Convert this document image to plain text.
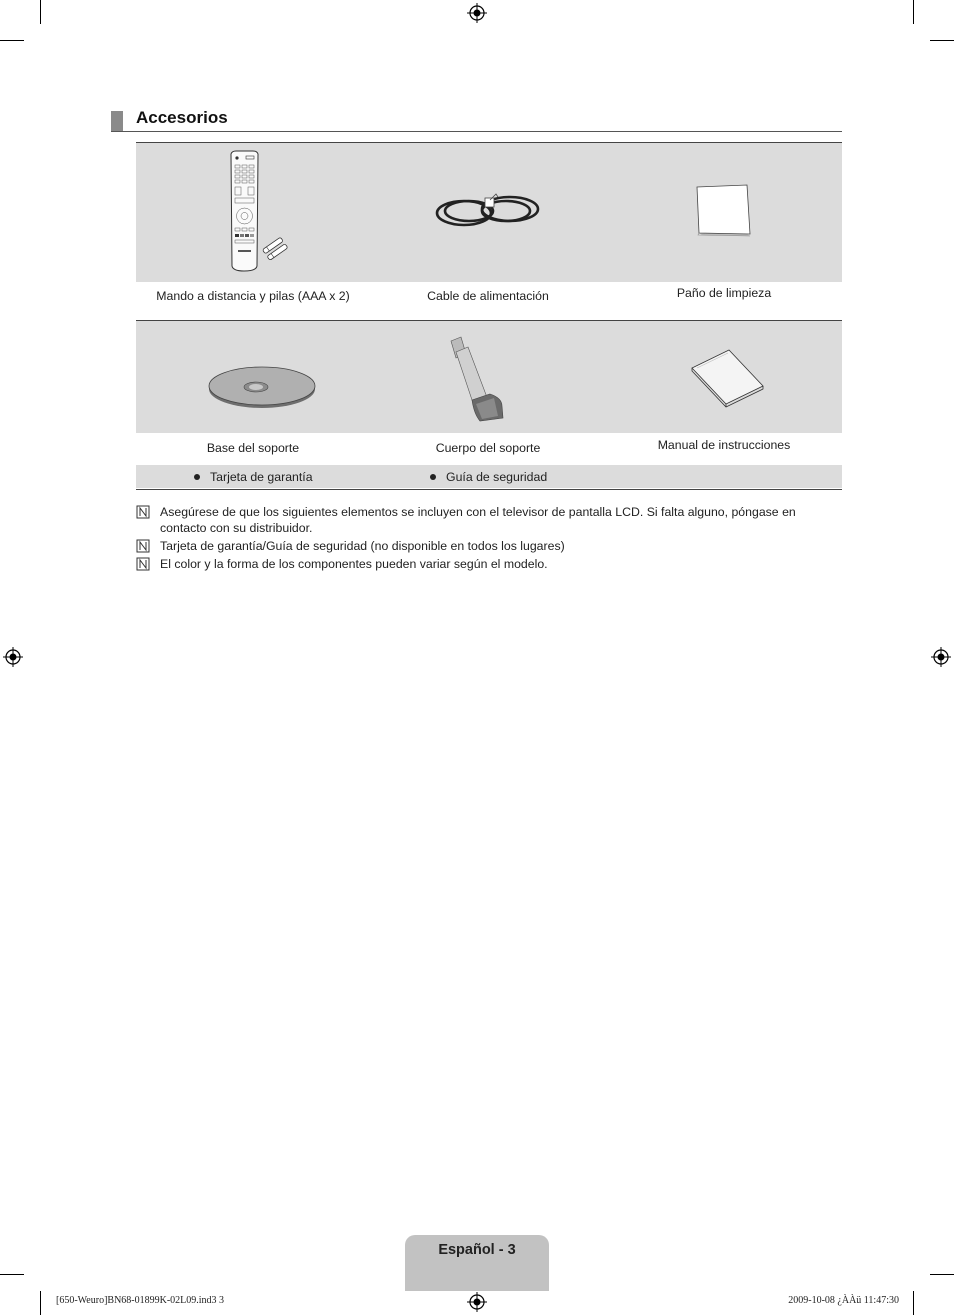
Accesorios
Mando a distancia y pilas (AAA x 2)	Cable de alimentación	Paño de limpieza
Base del soporte	Cuerpo del soporte	Manual de instrucciones
Tarjeta de garantía	Guía de seguridad
Asegúrese de que los siguientes elementos se incluyen con el televisor de pantalla LCD. Si falta alguno, póngase en contacto con su distribuidor.
Tarjeta de garantía/Guía de seguridad (no disponible en todos los lugares)
El color y la forma de los componentes pueden variar según el modelo.
Español - 3
[650-Weuro]BN68-01899K-02L09.ind3 3	2009-10-08 ¿ÀÀü 11:47:30
